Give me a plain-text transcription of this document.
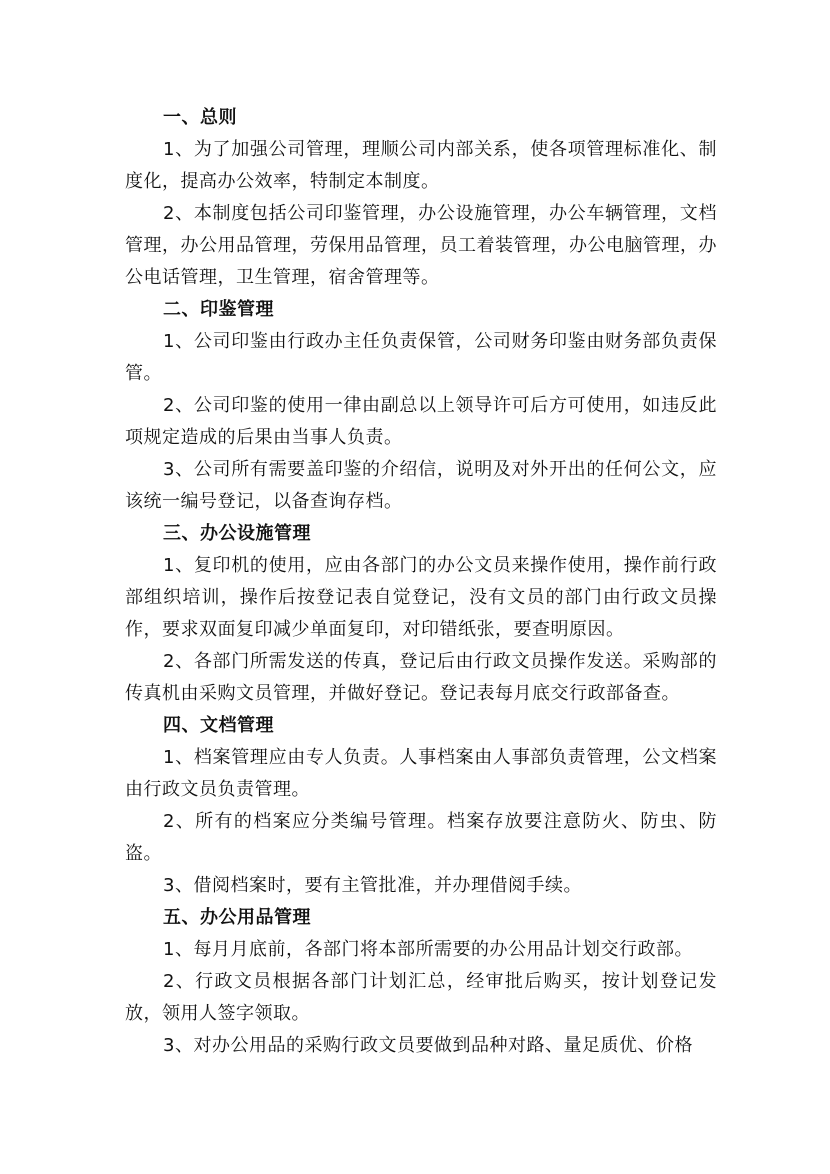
一、总则

1、为了加强公司管理，理顺公司内部关系，使各项管理标准化、制度化，提高办公效率，特制定本制度。

2、本制度包括公司印鉴管理，办公设施管理，办公车辆管理，文档管理，办公用品管理，劳保用品管理，员工着装管理，办公电脑管理，办公电话管理，卫生管理，宿舍管理等。

二、印鉴管理

1、公司印鉴由行政办主任负责保管，公司财务印鉴由财务部负责保管。

2、公司印鉴的使用一律由副总以上领导许可后方可使用，如违反此项规定造成的后果由当事人负责。

3、公司所有需要盖印鉴的介绍信，说明及对外开出的任何公文，应该统一编号登记，以备查询存档。

三、办公设施管理

1、复印机的使用，应由各部门的办公文员来操作使用，操作前行政部组织培训，操作后按登记表自觉登记，没有文员的部门由行政文员操作，要求双面复印减少单面复印，对印错纸张，要查明原因。

2、各部门所需发送的传真，登记后由行政文员操作发送。采购部的传真机由采购文员管理，并做好登记。登记表每月底交行政部备查。

四、文档管理

1、档案管理应由专人负责。人事档案由人事部负责管理，公文档案由行政文员负责管理。

2、所有的档案应分类编号管理。档案存放要注意防火、防虫、防盗。

3、借阅档案时，要有主管批准，并办理借阅手续。

五、办公用品管理

1、每月月底前，各部门将本部所需要的办公用品计划交行政部。

2、行政文员根据各部门计划汇总，经审批后购买，按计划登记发放，领用人签字领取。

3、对办公用品的采购行政文员要做到品种对路、量足质优、价格
